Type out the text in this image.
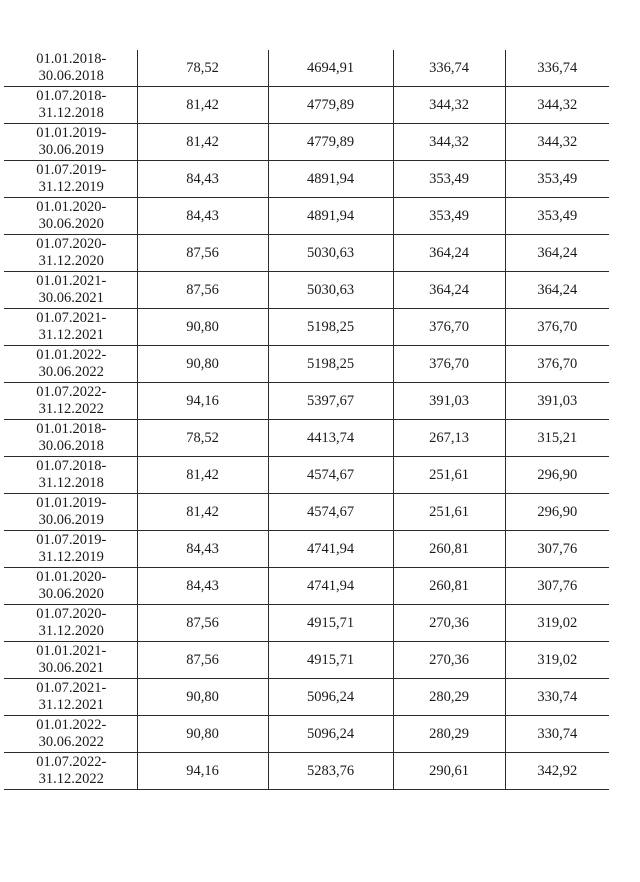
01.01.2018-
30.06.2018	78,52	4694,91	336,74	336,74

01.07.2018-
31.12.2018	81,42	4779,89	344,32	344,32

01.01.2019-
30.06.2019	81,42	4779,89	344,32	344,32

01.07.2019-
31.12.2019	84,43	4891,94	353,49	353,49

01.01.2020-
30.06.2020	84,43	4891,94	353,49	353,49

01.07.2020-
31.12.2020	87,56	5030,63	364,24	364,24

01.01.2021-
30.06.2021	87,56	5030,63	364,24	364,24

01.07.2021-
31.12.2021	90,80	5198,25	376,70	376,70

01.01.2022-
30.06.2022	90,80	5198,25	376,70	376,70

01.07.2022-
31.12.2022	94,16	5397,67	391,03	391,03

01.01.2018-
30.06.2018	78,52	4413,74	267,13	315,21

01.07.2018-
31.12.2018	81,42	4574,67	251,61	296,90

01.01.2019-
30.06.2019	81,42	4574,67	251,61	296,90

01.07.2019-
31.12.2019	84,43	4741,94	260,81	307,76

01.01.2020-
30.06.2020	84,43	4741,94	260,81	307,76

01.07.2020-
31.12.2020	87,56	4915,71	270,36	319,02

01.01.2021-
30.06.2021	87,56	4915,71	270,36	319,02

01.07.2021-
31.12.2021	90,80	5096,24	280,29	330,74

01.01.2022-
30.06.2022	90,80	5096,24	280,29	330,74

01.07.2022-
31.12.2022	94,16	5283,76	290,61	342,92
